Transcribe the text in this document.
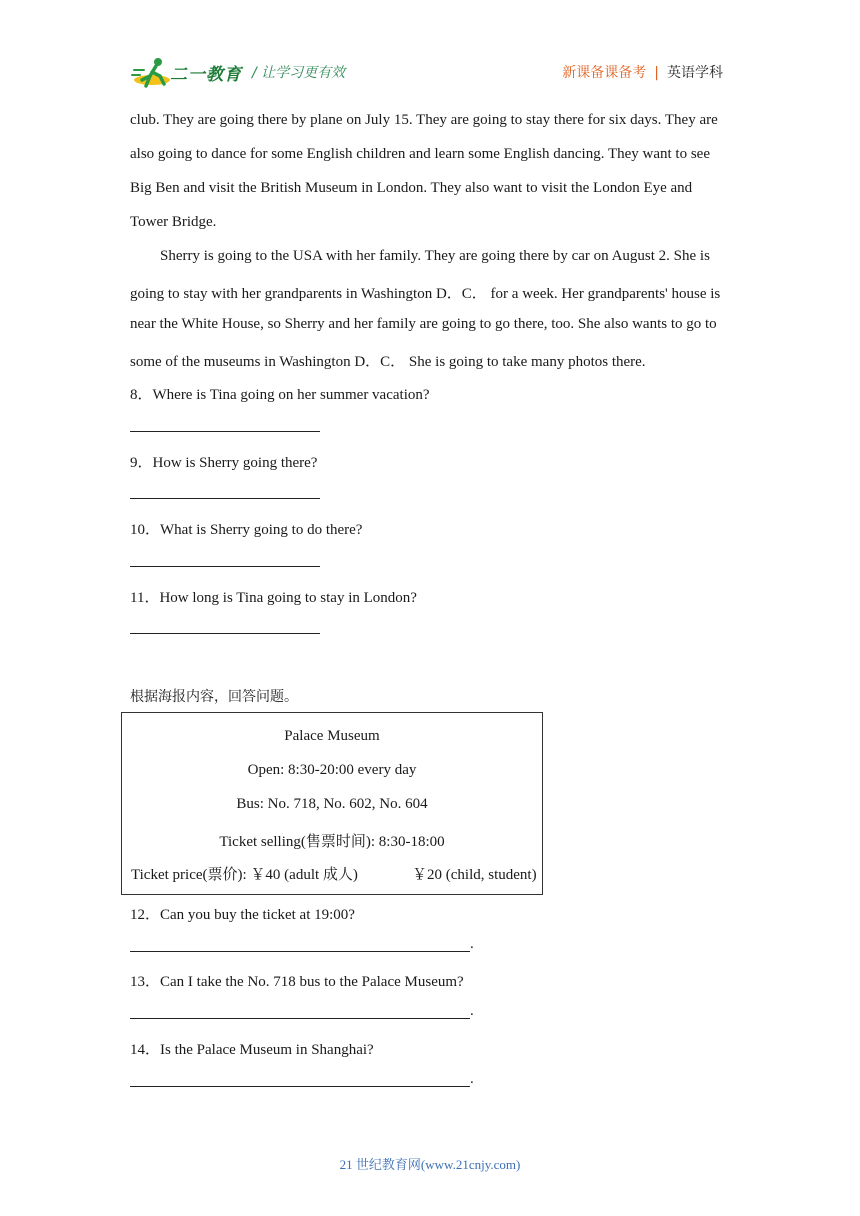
二一教育 / 让学习更有效	新课备课备考 | 英语学科
club. They are going there by plane on July 15. They are going to stay there for six days. They are
also going to dance for some English children and learn some English dancing. They want to see
Big Ben and visit the British Museum in London. They also want to visit the London Eye and
Tower Bridge.
Sherry is going to the USA with her family. They are going there by car on August 2. She is
going to stay with her grandparents in Washington D．C． for a week. Her grandparents' house is
near the White House, so Sherry and her family are going to go there, too. She also wants to go to
some of the museums in Washington D．C． She is going to take many photos there.
8．Where is Tina going on her summer vacation?
9．How is Sherry going there?
10．What is Sherry going to do there?
11．How long is Tina going to stay in London?
根据海报内容，回答问题。
Palace Museum
Open: 8:30-20:00 every day
Bus: No. 718, No. 602, No. 604
Ticket selling(售票时间): 8:30-18:00
Ticket price(票价): ￥40 (adult 成人)	￥20 (child, student)
12．Can you buy the ticket at 19:00?
.
13．Can I take the No. 718 bus to the Palace Museum?
.
14．Is the Palace Museum in Shanghai?
.
21 世纪教育网(www.21cnjy.com)
